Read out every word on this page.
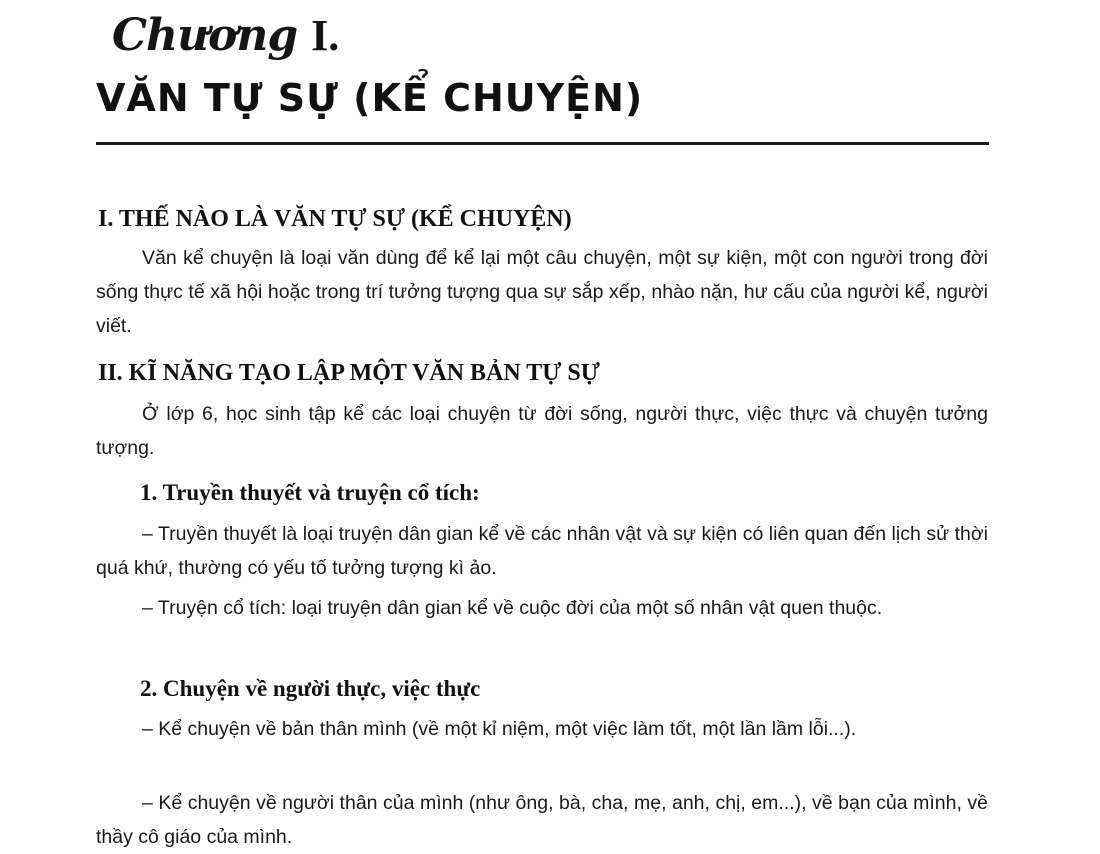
Chương I.
VĂN TỰ SỰ (KỂ CHUYỆN)
I. THẾ NÀO LÀ VĂN TỰ SỰ (KỂ CHUYỆN)

Văn kể chuyện là loại văn dùng để kể lại một câu chuyện, một sự kiện, một con người trong đời sống thực tế xã hội hoặc trong trí tưởng tượng qua sự sắp xếp, nhào nặn, hư cấu của người kể, người viết.

II. KĨ NĂNG TẠO LẬP MỘT VĂN BẢN TỰ SỰ

Ở lớp 6, học sinh tập kể các loại chuyện từ đời sống, người thực, việc thực và chuyện tưởng tượng.

1. Truyền thuyết và truyện cổ tích:

– Truyền thuyết là loại truyện dân gian kể về các nhân vật và sự kiện có liên quan đến lịch sử thời quá khứ, thường có yếu tố tưởng tượng kì ảo.

– Truyện cổ tích: loại truyện dân gian kể về cuộc đời của một số nhân vật quen thuộc.

2. Chuyện về người thực, việc thực

– Kể chuyện về bản thân mình (về một kỉ niệm, một việc làm tốt, một lần lầm lỗi...).

– Kể chuyện về người thân của mình (như ông, bà, cha, mẹ, anh, chị, em...), về bạn của mình, về thầy cô giáo của mình.
